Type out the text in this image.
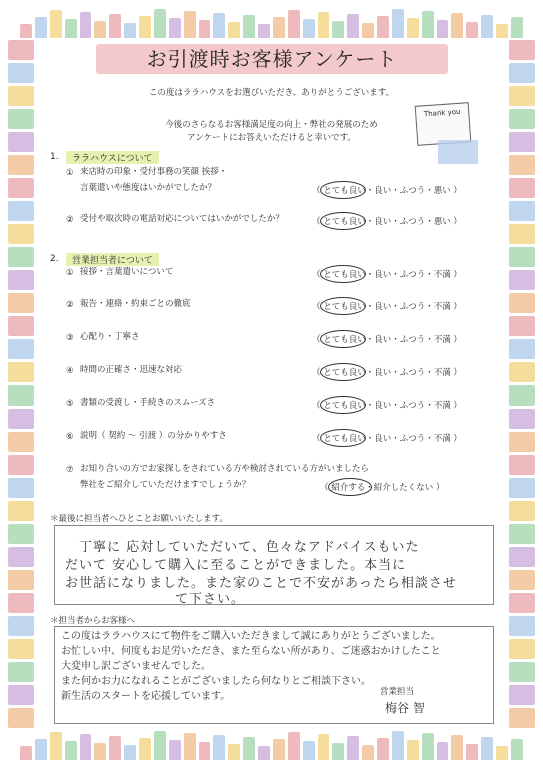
お引渡時お客様アンケート
この度はララハウスをお選びいただき、ありがとうございます。
今後のさらなるお客様満足度の向上・弊社の発展のため
アンケートにお答えいただけると幸いです。
Thank you
1.	ララハウスについて
① 来店時の印象・受付事務の笑顔 挨拶・
言葉遣いや態度はいかがでしたか？	（ とても良い・良い・ふつう・悪い ）
② 受付や取次時の電話対応についてはいかがでしたか？	（ とても良い・良い・ふつう・悪い ）
2.	営業担当者について
① 接拶・言葉遣いについて	（ とても良い・良い・ふつう・不満 ）
② 報告・連絡・約束ごとの徹底	（ とても良い・良い・ふつう・不満 ）
③ 心配り・丁寧さ	（ とても良い・良い・ふつう・不満 ）
④ 時間の正確さ・迅速な対応	（ とても良い・良い・ふつう・不満 ）
⑤ 書類の受渡し・手続きのスムーズさ	（ とても良い・良い・ふつう・不満 ）
⑥ 説明（ 契約 〜 引渡 ）の分かりやすさ	（ とても良い・良い・ふつう・不満 ）
⑦ お知り合いの方でお家探しをされている方や検討されている方がいましたら
弊社をご紹介していただけますでしょうか？	（ 紹介する・紹介したくない ）
＊最後に担当者へひとことお願いいたします。
丁寧に 応対していただいて、色々なアドバイスもいた
だいて 安心して購入に至ることができました。本当に
お世話になりました。また家のことで不安があったら相談させ
て下さい。
＊担当者からお客様へ
この度はララハウスにて物件をご購入いただきまして誠にありがとうございました。
お忙しい中、何度もお足労いただき、また至らない所があり、ご迷惑おかけしたこと
大変申し訳ございませんでした。
また何かお力になれることがございましたら何なりとご相談下さい。
新生活のスタートを応援しています。	営業担当
梅谷 智
